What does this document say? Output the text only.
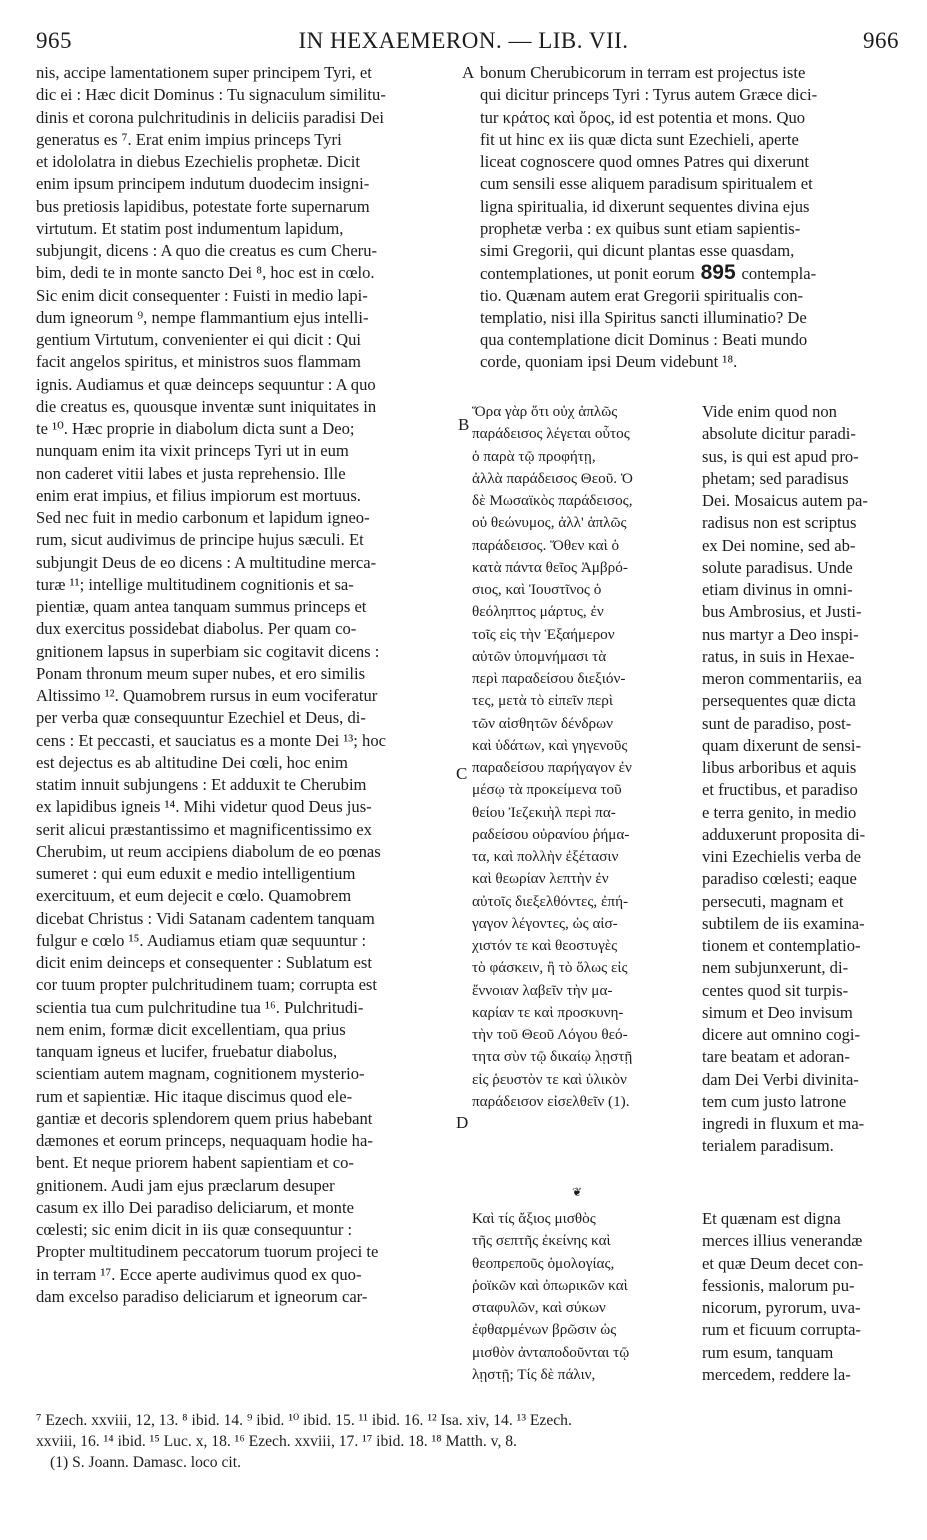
965	IN HEXAEMERON. — LIB. VII.	966
nis, accipe lamentationem super principem Tyri, et
dic ei : Hæc dicit Dominus : Tu signaculum similitu-
dinis et corona pulchritudinis in deliciis paradisi Dei
generatus es ⁷. Erat enim impius princeps Tyri
et idololatra in diebus Ezechielis prophetæ. Dicit
enim ipsum principem indutum duodecim insigni-
bus pretiosis lapidibus, potestate forte supernarum
virtutum. Et statim post indumentum lapidum,
subjungit, dicens : A quo die creatus es cum Cheru-
bim, dedi te in monte sancto Dei ⁸, hoc est in cœlo.
Sic enim dicit consequenter : Fuisti in medio lapi-
dum igneorum ⁹, nempe flammantium ejus intelli-
gentium Virtutum, convenienter ei qui dicit : Qui
facit angelos spiritus, et ministros suos flammam
ignis. Audiamus et quæ deinceps sequuntur : A quo
die creatus es, quousque inventæ sunt iniquitates in
te ¹⁰. Hæc proprie in diabolum dicta sunt a Deo;
nunquam enim ita vixit princeps Tyri ut in eum
non caderet vitii labes et justa reprehensio. Ille
enim erat impius, et filius impiorum est mortuus.
Sed nec fuit in medio carbonum et lapidum igneo-
rum, sicut audivimus de principe hujus sæculi. Et
subjungit Deus de eo dicens : A multitudine merca-
turæ ¹¹; intellige multitudinem cognitionis et sa-
pientiæ, quam antea tanquam summus princeps et
dux exercitus possidebat diabolus. Per quam co-
gnitionem lapsus in superbiam sic cogitavit dicens :
Ponam thronum meum super nubes, et ero similis
Altissimo ¹². Quamobrem rursus in eum vociferatur
per verba quæ consequuntur Ezechiel et Deus, di-
cens : Et peccasti, et sauciatus es a monte Dei ¹³; hoc
est dejectus es ab altitudine Dei cœli, hoc enim
statim innuit subjungens : Et adduxit te Cherubim
ex lapidibus igneis ¹⁴. Mihi videtur quod Deus jus-
serit alicui præstantissimo et magnificentissimo ex
Cherubim, ut reum accipiens diabolum de eo pœnas
sumeret : qui eum eduxit e medio intelligentium
exercituum, et eum dejecit e cœlo. Quamobrem
dicebat Christus : Vidi Satanam cadentem tanquam
fulgur e cœlo ¹⁵. Audiamus etiam quæ sequuntur :
dicit enim deinceps et consequenter : Sublatum est
cor tuum propter pulchritudinem tuam; corrupta est
scientia tua cum pulchritudine tua ¹⁶. Pulchritudi-
nem enim, formæ dicit excellentiam, qua prius
tanquam igneus et lucifer, fruebatur diabolus,
scientiam autem magnam, cognitionem mysterio-
rum et sapientiæ. Hic itaque discimus quod ele-
gantiæ et decoris splendorem quem prius habebant
dæmones et eorum princeps, nequaquam hodie ha-
bent. Et neque priorem habent sapientiam et co-
gnitionem. Audi jam ejus præclarum desuper
casum ex illo Dei paradiso deliciarum, et monte
cœlesti; sic enim dicit in iis quæ consequuntur :
Propter multitudinem peccatorum tuorum projeci te
in terram ¹⁷. Ecce aperte audivimus quod ex quo-
dam excelso paradiso deliciarum et igneorum car-
bonum Cherubicorum in terram est projectus iste
qui dicitur princeps Tyri : Tyrus autem Græce dici-
tur κράτος καὶ ὄρος, id est potentia et mons. Quo
fit ut hinc ex iis quæ dicta sunt Ezechieli, aperte
liceat cognoscere quod omnes Patres qui dixerunt
cum sensili esse aliquem paradisum spiritualem et
ligna spiritualia, id dixerunt sequentes divina ejus
prophetæ verba : ex quibus sunt etiam sapientis-
simi Gregorii, qui dicunt plantas esse quasdam,
contemplationes, ut ponit eorum 895 contempla-
tio. Quænam autem erat Gregorii spiritualis con-
templatio, nisi illa Spiritus sancti illuminatio? De
qua contemplatione dicit Dominus : Beati mundo
corde, quoniam ipsi Deum videbunt ¹⁸.
Ὅρα γὰρ ὅτι οὐχ ἁπλῶς
παράδεισος λέγεται οὗτος
ὁ παρὰ τῷ προφήτῃ,
ἀλλὰ παράδεισος Θεοῦ. Ὁ
δὲ Μωσαϊκὸς παράδεισος,
οὐ θεώνυμος, ἀλλ' ἁπλῶς
παράδεισος. Ὅθεν καὶ ὁ
κατὰ πάντα θεῖος Ἀμβρό-
σιος, καὶ Ἰουστῖνος ὁ
θεόληπτος μάρτυς, ἐν
τοῖς εἰς τὴν Ἑξαήμερον
αὐτῶν ὑπομνήμασι τὰ
περὶ παραδείσου διεξιόν-
τες, μετὰ τὸ εἰπεῖν περὶ
τῶν αἰσθητῶν δένδρων
καὶ ὑδάτων, καὶ γηγενοῦς
παραδείσου παρήγαγον ἐν
μέσῳ τὰ προκείμενα τοῦ
θείου Ἰεζεκιὴλ περὶ πα-
ραδείσου οὐρανίου ῥήμα-
τα, καὶ πολλὴν ἐξέτασιν
καὶ θεωρίαν λεπτὴν ἐν
αὐτοῖς διεξελθόντες, ἐπή-
γαγον λέγοντες, ὡς αἰσ-
χιστόν τε καὶ θεοστυγὲς
τὸ φάσκειν, ἢ τὸ ὅλως εἰς
ἔννοιαν λαβεῖν τὴν μα-
καρίαν τε καὶ προσκυνη-
τὴν τοῦ Θεοῦ Λόγου θεό-
τητα σὺν τῷ δικαίῳ λῃστῇ
εἰς ῥευστὸν τε καὶ ὑλικὸν
παράδεισον εἰσελθεῖν (1).
Vide enim quod non
absolute dicitur paradi-
sus, is qui est apud pro-
phetam; sed paradisus
Dei. Mosaicus autem pa-
radisus non est scriptus
ex Dei nomine, sed ab-
solute paradisus. Unde
etiam divinus in omni-
bus Ambrosius, et Justi-
nus martyr a Deo inspi-
ratus, in suis in Hexae-
meron commentariis, ea
persequentes quæ dicta
sunt de paradiso, post-
quam dixerunt de sensi-
libus arboribus et aquis
et fructibus, et paradiso
e terra genito, in medio
adduxerunt proposita di-
vini Ezechielis verba de
paradiso cœlesti; eaque
persecuti, magnam et
subtilem de iis examina-
tionem et contemplatio-
nem subjunxerunt, di-
centes quod sit turpis-
simum et Deo invisum
dicere aut omnino cogi-
tare beatam et adoran-
dam Dei Verbi divinita-
tem cum justo latrone
ingredi in fluxum et ma-
terialem paradisum.
❦
Καὶ τίς ἄξιος μισθὸς
τῆς σεπτῆς ἐκείνης καὶ
θεοπρεποῦς ὁμολογίας,
ῥοϊκῶν καὶ ὀπωρικῶν καὶ
σταφυλῶν, καὶ σύκων
ἐφθαρμένων βρῶσιν ὡς
μισθὸν ἀνταποδοῦνται τῷ
λῃστῇ; Τίς δὲ πάλιν,
Et quænam est digna
merces illius venerandæ
et quæ Deum decet con-
fessionis, malorum pu-
nicorum, pyrorum, uva-
rum et ficuum corrupta-
rum esum, tanquam
mercedem, reddere la-
A
B
C
D
⁷ Ezech. xxviii, 12, 13. ⁸ ibid. 14. ⁹ ibid. ¹⁰ ibid. 15. ¹¹ ibid. 16. ¹² Isa. xiv, 14. ¹³ Ezech.
xxviii, 16. ¹⁴ ibid. ¹⁵ Luc. x, 18. ¹⁶ Ezech. xxviii, 17. ¹⁷ ibid. 18. ¹⁸ Matth. v, 8.
(1) S. Joann. Damasc. loco cit.
